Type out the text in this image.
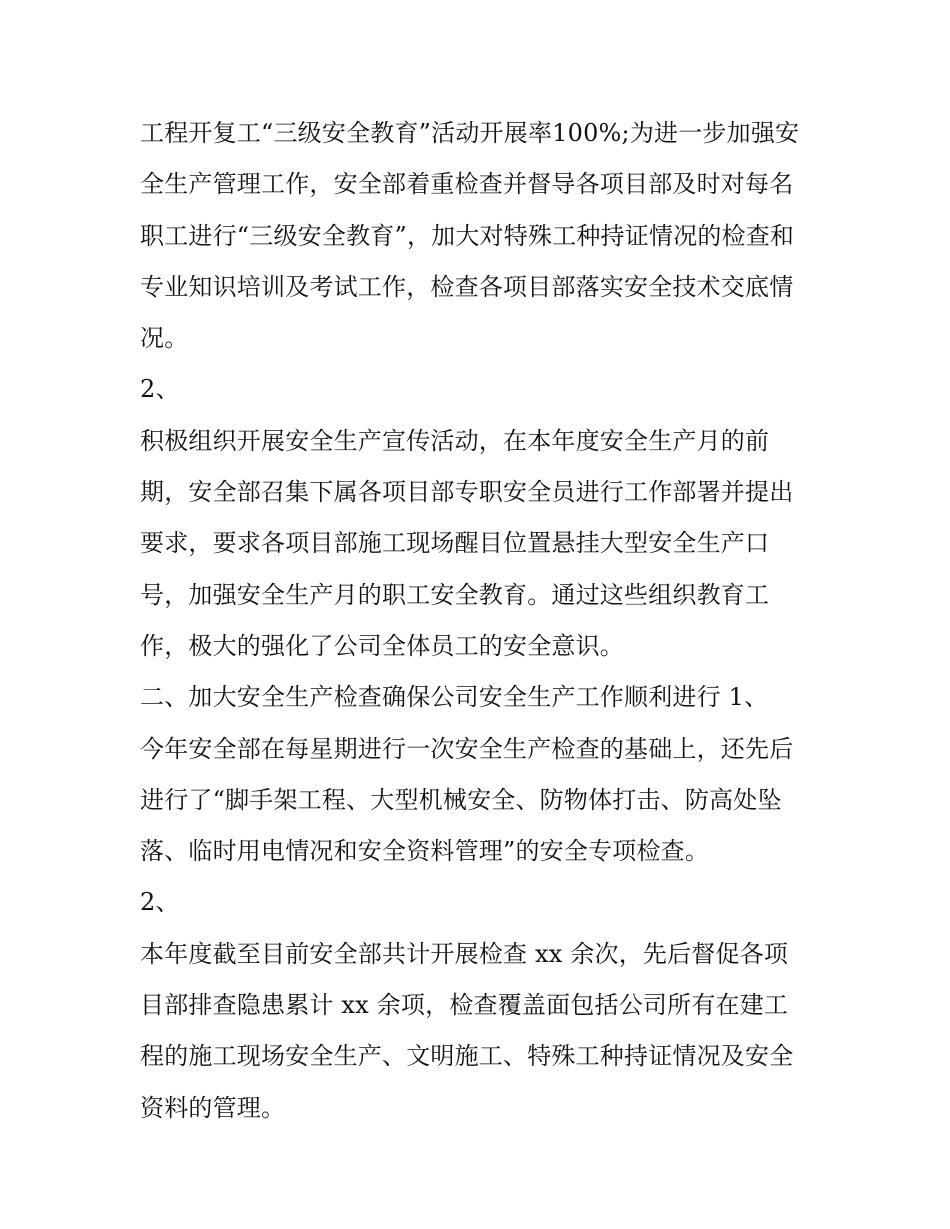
工程开复工“三级安全教育”活动开展率100%;为进一步加强安
全生产管理工作，安全部着重检查并督导各项目部及时对每名
职工进行“三级安全教育”，加大对特殊工种持证情况的检查和
专业知识培训及考试工作，检查各项目部落实安全技术交底情
况。
2、
积极组织开展安全生产宣传活动，在本年度安全生产月的前
期，安全部召集下属各项目部专职安全员进行工作部署并提出
要求，要求各项目部施工现场醒目位置悬挂大型安全生产口
号，加强安全生产月的职工安全教育。通过这些组织教育工
作，极大的强化了公司全体员工的安全意识。
二、加大安全生产检查确保公司安全生产工作顺利进行 1、
今年安全部在每星期进行一次安全生产检查的基础上，还先后
进行了“脚手架工程、大型机械安全、防物体打击、防高处坠
落、临时用电情况和安全资料管理”的安全专项检查。
2、
本年度截至目前安全部共计开展检查 xx 余次，先后督促各项
目部排查隐患累计 xx 余项，检查覆盖面包括公司所有在建工
程的施工现场安全生产、文明施工、特殊工种持证情况及安全
资料的管理。
